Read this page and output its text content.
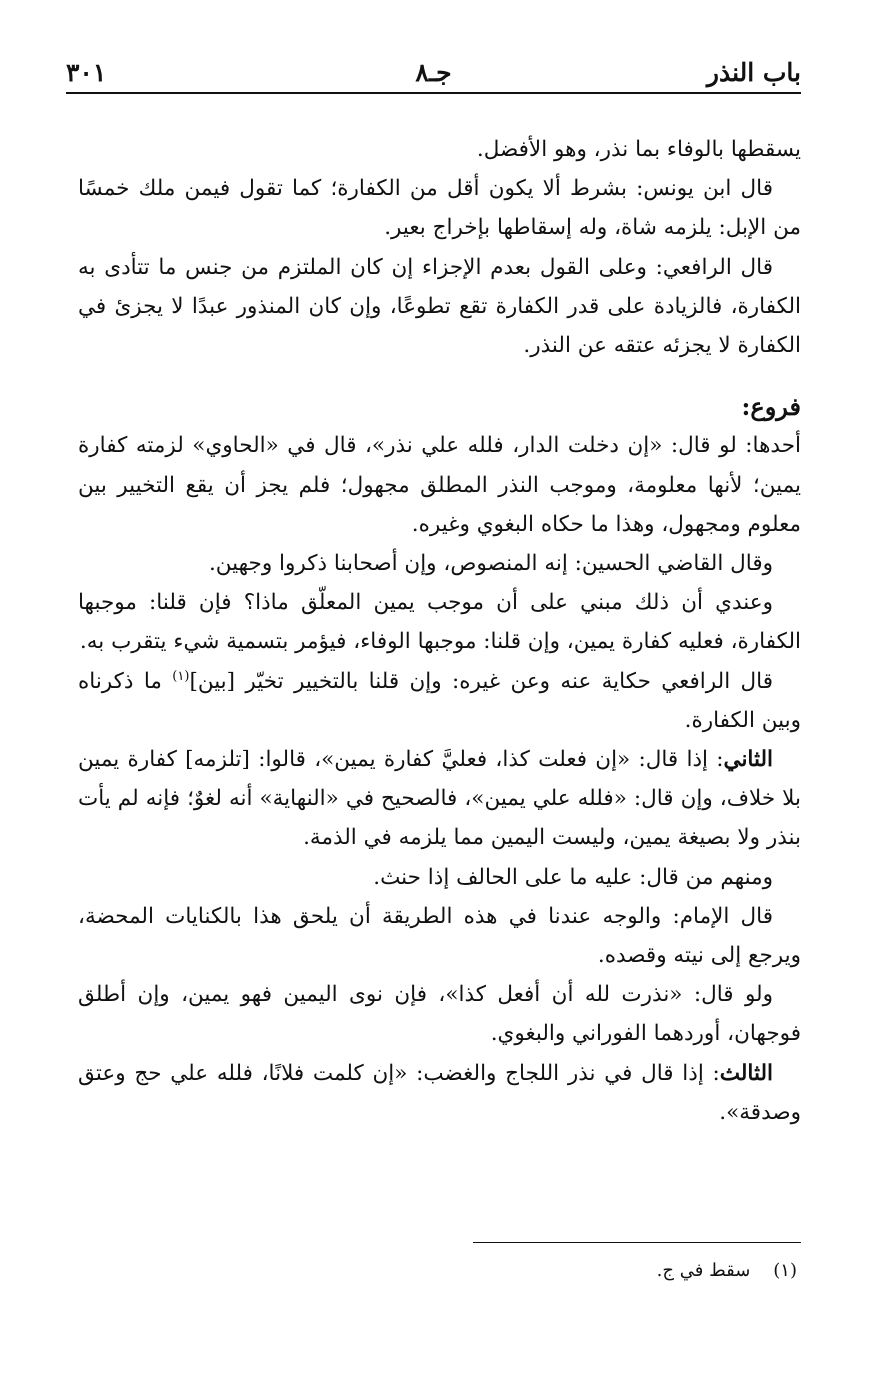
باب النذر
جـ٨
٣٠١

يسقطها بالوفاء بما نذر، وهو الأفضل.

قال ابن يونس: بشرط ألا يكون أقل من الكفارة؛ كما تقول فيمن ملك خمسًا من الإبل: يلزمه شاة، وله إسقاطها بإخراج بعير.

قال الرافعي: وعلى القول بعدم الإجزاء إن كان الملتزم من جنس ما تتأدى به الكفارة، فالزيادة على قدر الكفارة تقع تطوعًا، وإن كان المنذور عبدًا لا يجزئ في الكفارة لا يجزئه عتقه عن النذر.

فروع:

أحدها: لو قال: «إن دخلت الدار، فلله علي نذر»، قال في «الحاوي» لزمته كفارة يمين؛ لأنها معلومة، وموجب النذر المطلق مجهول؛ فلم يجز أن يقع التخيير بين معلوم ومجهول، وهذا ما حكاه البغوي وغيره.

وقال القاضي الحسين: إنه المنصوص، وإن أصحابنا ذكروا وجهين.

وعندي أن ذلك مبني على أن موجب يمين المعلّق ماذا؟ فإن قلنا: موجبها الكفارة، فعليه كفارة يمين، وإن قلنا: موجبها الوفاء، فيؤمر بتسمية شيء يتقرب به.

قال الرافعي حكاية عنه وعن غيره: وإن قلنا بالتخيير تخيّر [بين]$^{(١)}$ ما ذكرناه وبين الكفارة.

الثاني: إذا قال: «إن فعلت كذا، فعليَّ كفارة يمين»، قالوا: [تلزمه] كفارة يمين بلا خلاف، وإن قال: «فلله علي يمين»، فالصحيح في «النهاية» أنه لغوٌ؛ فإنه لم يأت بنذر ولا بصيغة يمين، وليست اليمين مما يلزمه في الذمة.

ومنهم من قال: عليه ما على الحالف إذا حنث.

قال الإمام: والوجه عندنا في هذه الطريقة أن يلحق هذا بالكنايات المحضة، ويرجع إلى نيته وقصده.

ولو قال: «نذرت لله أن أفعل كذا»، فإن نوى اليمين فهو يمين، وإن أطلق فوجهان، أوردهما الفوراني والبغوي.

الثالث: إذا قال في نذر اللجاج والغضب: «إن كلمت فلانًا، فلله علي حج وعتق وصدقة».

(١)    سقط في ج.
